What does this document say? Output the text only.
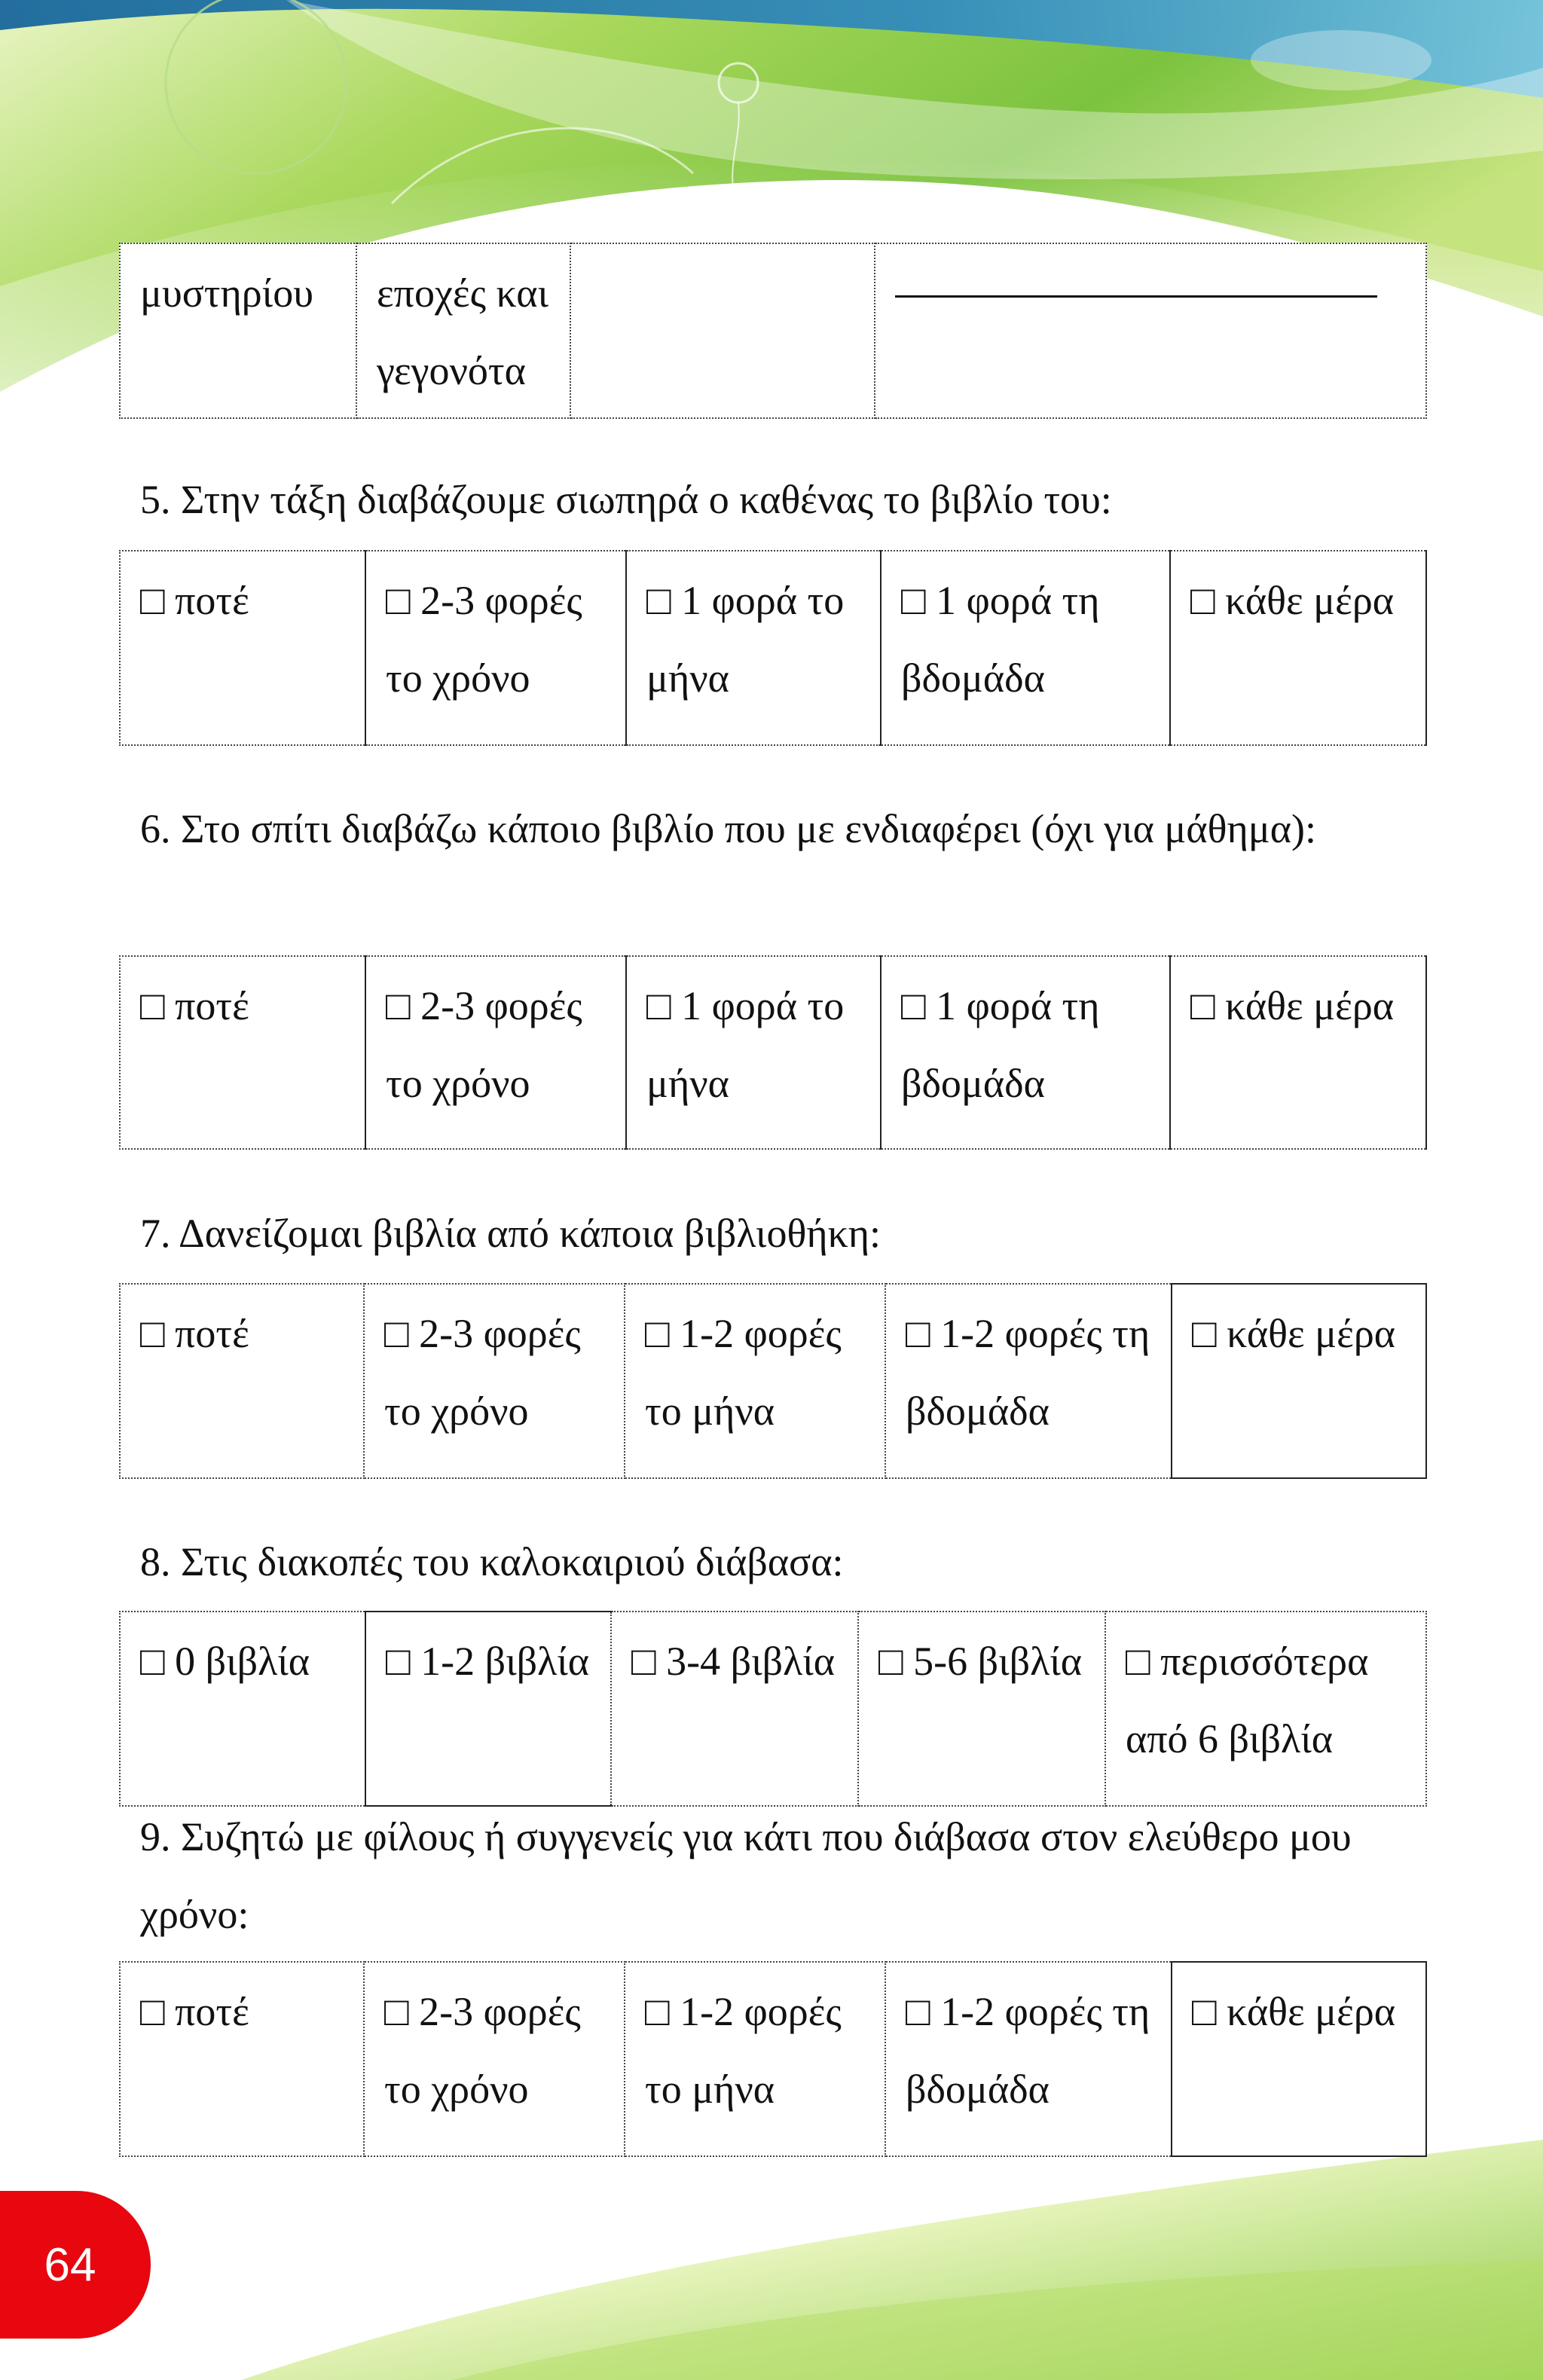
μυστηρίου	εποχές και γεγονότα		
5. Στην τάξη διαβάζουμε σιωπηρά ο καθένας το βιβλίο του:
□ ποτέ	□ 2-3 φορές το χρόνο	□ 1 φορά το μήνα	□ 1 φορά τη βδομάδα	□ κάθε μέρα
6. Στο σπίτι διαβάζω κάποιο βιβλίο που με ενδιαφέρει (όχι για μάθημα):
□ ποτέ	□ 2-3 φορές το χρόνο	□ 1 φορά το μήνα	□ 1 φορά τη βδομάδα	□ κάθε μέρα
7. Δανείζομαι βιβλία από κάποια βιβλιοθήκη:
□ ποτέ	□ 2-3 φορές το χρόνο	□ 1-2 φορές το μήνα	□ 1-2 φορές τη βδομάδα	□ κάθε μέρα
8. Στις διακοπές του καλοκαιριού διάβασα:
□ 0 βιβλία	□ 1-2 βιβλία	□ 3-4 βιβλία	□ 5-6 βιβλία	□ περισσότερα από 6 βιβλία
9. Συζητώ με φίλους ή συγγενείς για κάτι που διάβασα στον ελεύθερο μου χρόνο:
□ ποτέ	□ 2-3 φορές το χρόνο	□ 1-2 φορές το μήνα	□ 1-2 φορές τη βδομάδα	□ κάθε μέρα
64
